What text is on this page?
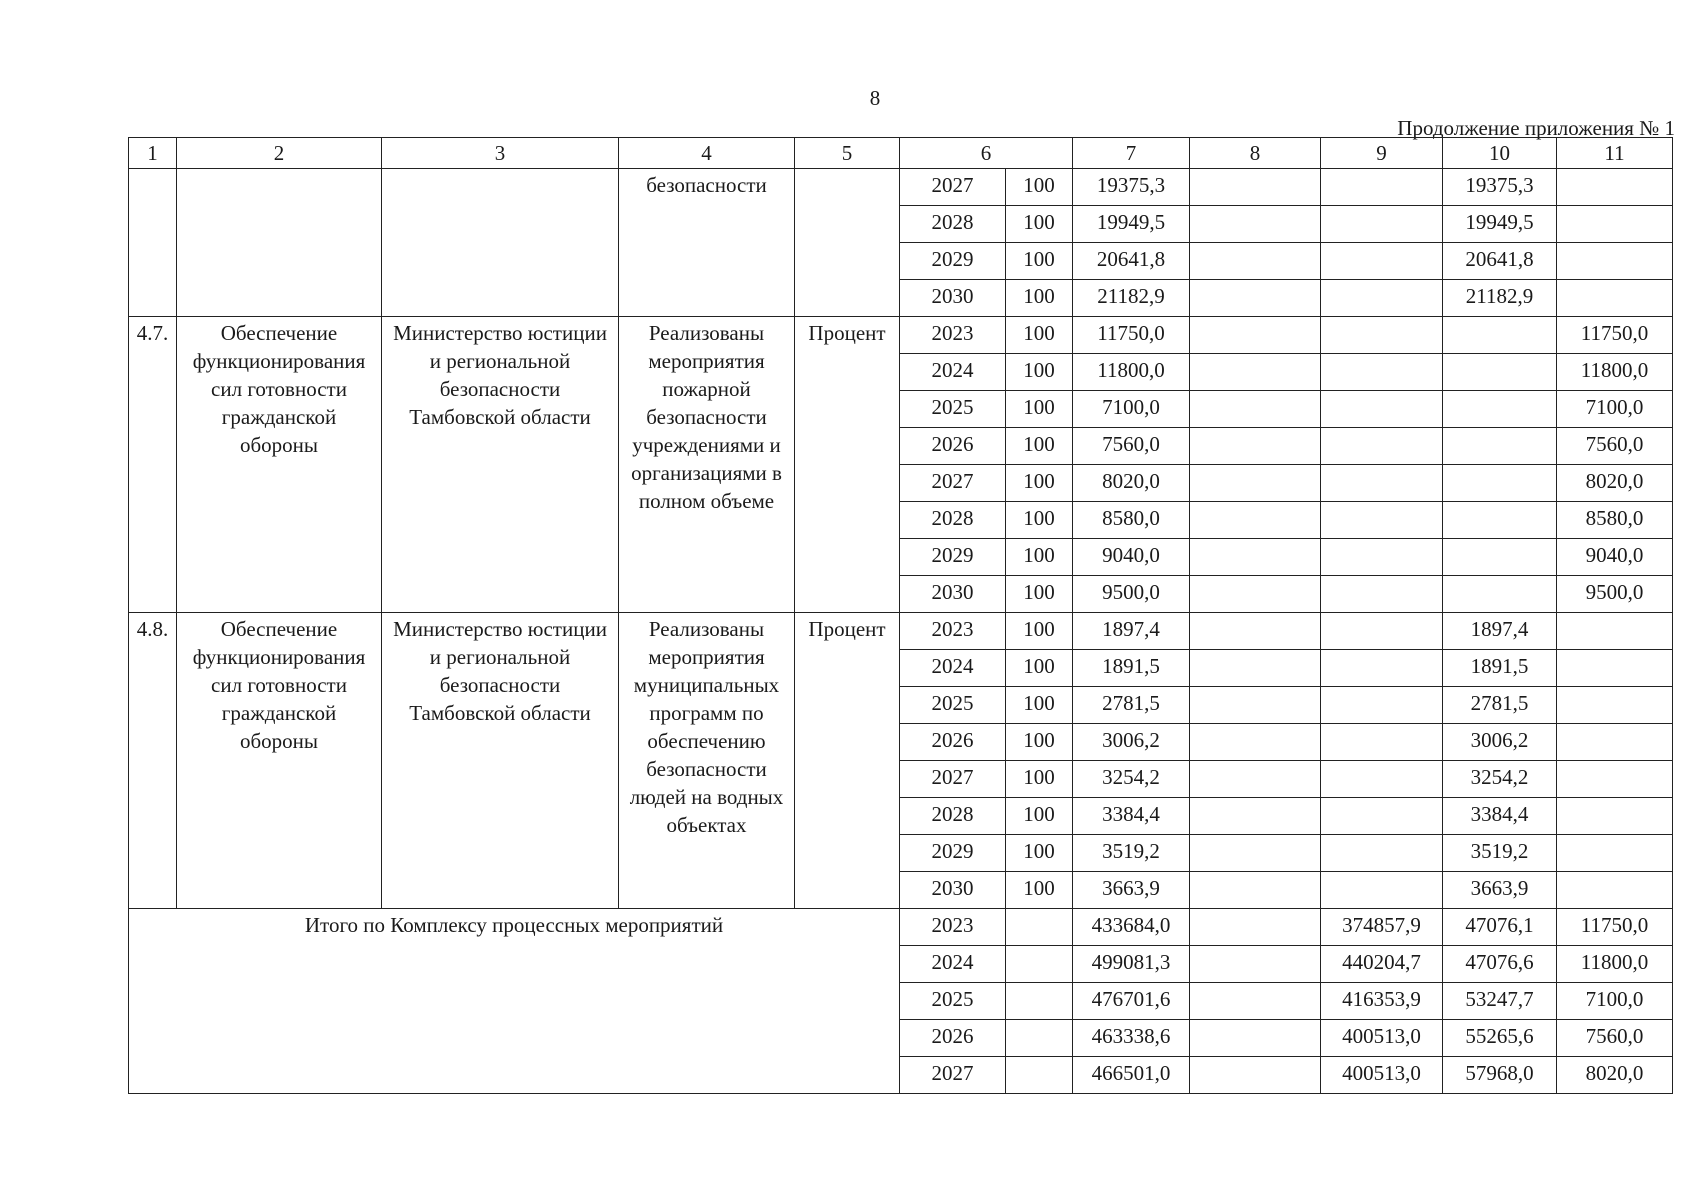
8
Продолжение приложения № 1
1	2	3	4	5	6		7	8	9	10	11
			безопасности		2027	100	19375,3			19375,3	
					2028	100	19949,5			19949,5	
					2029	100	20641,8			20641,8	
					2030	100	21182,9			21182,9	
4.7.	Обеспечение функционирования сил готовности гражданской обороны	Министерство юстиции и региональной безопасности Тамбовской области	Реализованы мероприятия пожарной безопасности учреждениями и организациями в полном объеме	Процент	2023	100	11750,0				11750,0
					2024	100	11800,0				11800,0
					2025	100	7100,0				7100,0
					2026	100	7560,0				7560,0
					2027	100	8020,0				8020,0
					2028	100	8580,0				8580,0
					2029	100	9040,0				9040,0
					2030	100	9500,0				9500,0
4.8.	Обеспечение функционирования сил готовности гражданской обороны	Министерство юстиции и региональной безопасности Тамбовской области	Реализованы мероприятия муниципальных программ по обеспечению безопасности людей на водных объектах	Процент	2023	100	1897,4			1897,4	
					2024	100	1891,5			1891,5	
					2025	100	2781,5			2781,5	
					2026	100	3006,2			3006,2	
					2027	100	3254,2			3254,2	
					2028	100	3384,4			3384,4	
					2029	100	3519,2			3519,2	
					2030	100	3663,9			3663,9	
Итого по Комплексу процессных мероприятий					2023		433684,0		374857,9	47076,1	11750,0
					2024		499081,3		440204,7	47076,6	11800,0
					2025		476701,6		416353,9	53247,7	7100,0
					2026		463338,6		400513,0	55265,6	7560,0
					2027		466501,0		400513,0	57968,0	8020,0
